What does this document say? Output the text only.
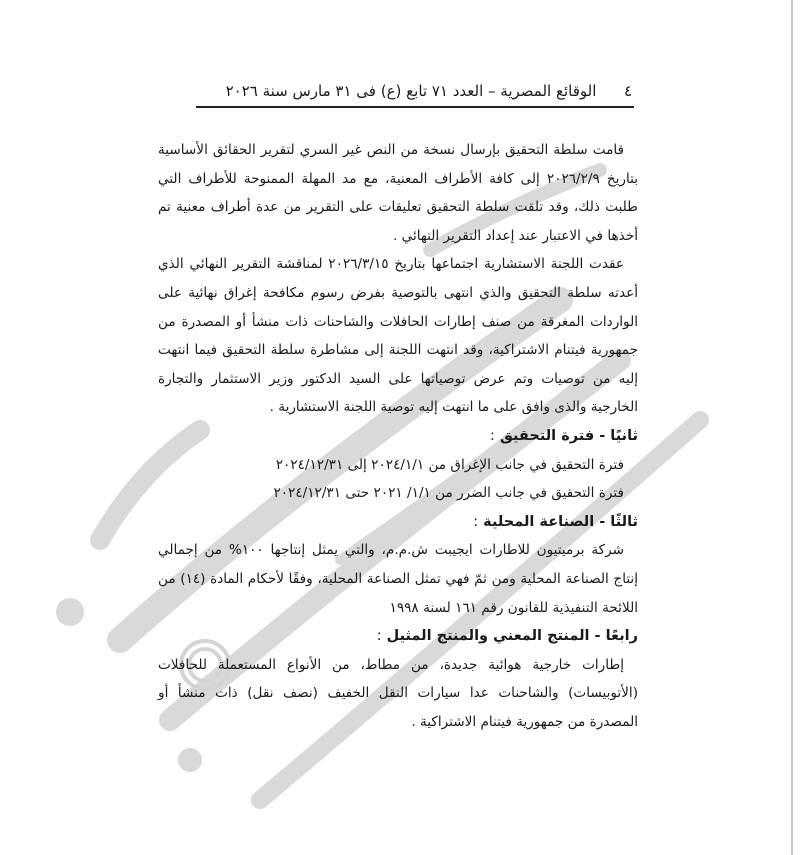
٤  الوقائع المصرية – العدد ٧١ تابع (ع) فى ٣١ مارس سنة ٢٠٢٦

قامت سلطة التحقيق بإرسال نسخة من النص غير السري لتقرير الحقائق الأساسية بتاريخ ٢٠٢٦/٢/٩ إلى كافة الأطراف المعنية، مع مد المهلة الممنوحة للأطراف التي طلبت ذلك، وقد تلقت سلطة التحقيق تعليقات على التقرير من عدة أطراف معنية تم أخذها في الاعتبار عند إعداد التقرير النهائي .

عقدت اللجنة الاستشارية اجتماعها بتاريخ ٢٠٢٦/٣/١٥ لمناقشة التقرير النهائي الذي أعدته سلطة التحقيق والذي انتهى بالتوصية بفرض رسوم مكافحة إغراق نهائية على الواردات المغرقة من صنف إطارات الحافلات والشاحنات ذات منشأ أو المصدرة من جمهورية فيتنام الاشتراكية، وقد انتهت اللجنة إلى مشاطرة سلطة التحقيق فيما انتهت إليه من توصيات وتم عرض توصياتها على السيد الدكتور وزير الاستثمار والتجارة الخارجية والذى وافق على ما انتهت إليه توصية اللجنة الاستشارية .

ثانيًا - فترة التحقيق :

فترة التحقيق في جانب الإغراق من ٢٠٢٤/١/١ إلى ٢٠٢٤/١٢/٣١

فترة التحقيق في جانب الضرر من ١/١/ ٢٠٢١ حتى ٢٠٢٤/١٢/٣١

ثالثًا - الصناعة المحلية :

شركة برميتيون للاطارات ايجيبت ش.م.م، والتي يمثل إنتاجها ١٠٠% من إجمالي إنتاج الصناعة المحلية ومن ثمّ فهي تمثل الصناعة المحلية، وفقًا لأحكام المادة (١٤) من اللائحة التنفيذية للقانون رقم ١٦١ لسنة ١٩٩٨

رابعًا - المنتج المعني والمنتج المثيل :

إطارات خارجية هوائية جديدة، من مطاط، من الأنواع المستعملة للحافلات (الأتوبيسات) والشاحنات عدا سيارات النقل الخفيف (نصف نقل) ذات منشأ أو المصدرة من جمهورية فيتنام الاشتراكية .
